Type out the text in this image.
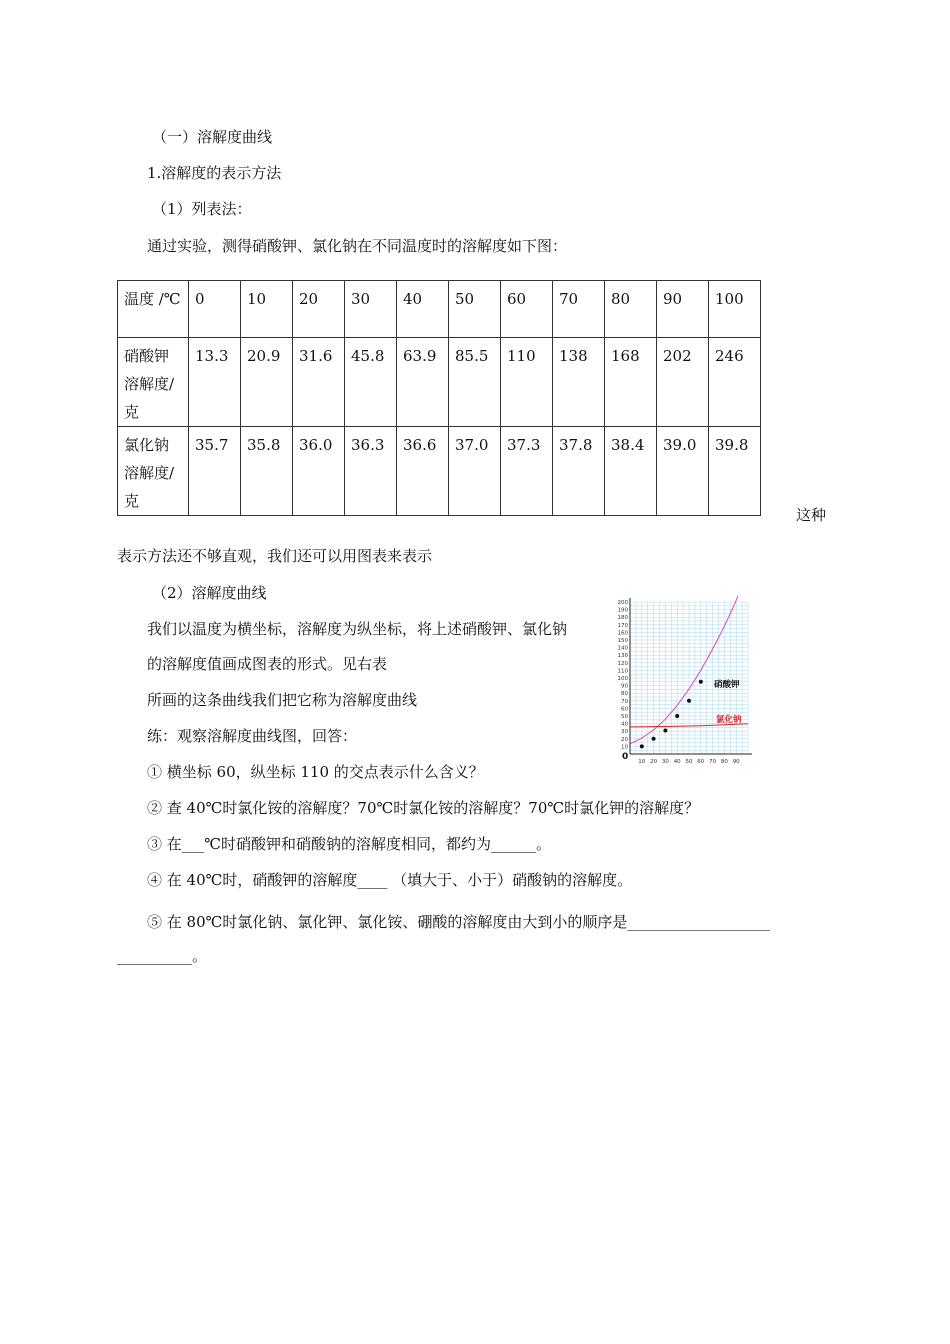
（一）溶解度曲线
1.溶解度的表示方法
（1）列表法：
通过实验，测得硝酸钾、氯化钠在不同温度时的溶解度如下图：
温度 /℃	0	10	20	30	40	50	60	70	80	90	100
硝酸钾溶解度/克	13.3	20.9	31.6	45.8	63.9	85.5	110	138	168	202	246
氯化钠溶解度/克	35.7	35.8	36.0	36.3	36.6	37.0	37.3	37.8	38.4	39.0	39.8
这种
表示方法还不够直观，我们还可以用图表来表示
（2）溶解度曲线
我们以温度为横坐标，溶解度为纵坐标，将上述硝酸钾、氯化钠
的溶解度值画成图表的形式。见右表
所画的这条曲线我们把它称为溶解度曲线
练：观察溶解度曲线图，回答：
① 横坐标 60，纵坐标 110 的交点表示什么含义？
② 查 40℃时氯化铵的溶解度？70℃时氯化铵的溶解度？70℃时氯化钾的溶解度？
③ 在___℃时硝酸钾和硝酸钠的溶解度相同，都约为______。
④ 在 40℃时，硝酸钾的溶解度____ （填大于、小于）硝酸钠的溶解度。
⑤ 在 80℃时氯化钠、氯化钾、氯化铵、硼酸的溶解度由大到小的顺序是___________________
__________。
10
20
30
40
50
60
70
80
90
100
110
120
130
140
150
160
170
180
190
200
10 20 30 40 50 60 70 80 90
0
硝酸钾
氯化钠
